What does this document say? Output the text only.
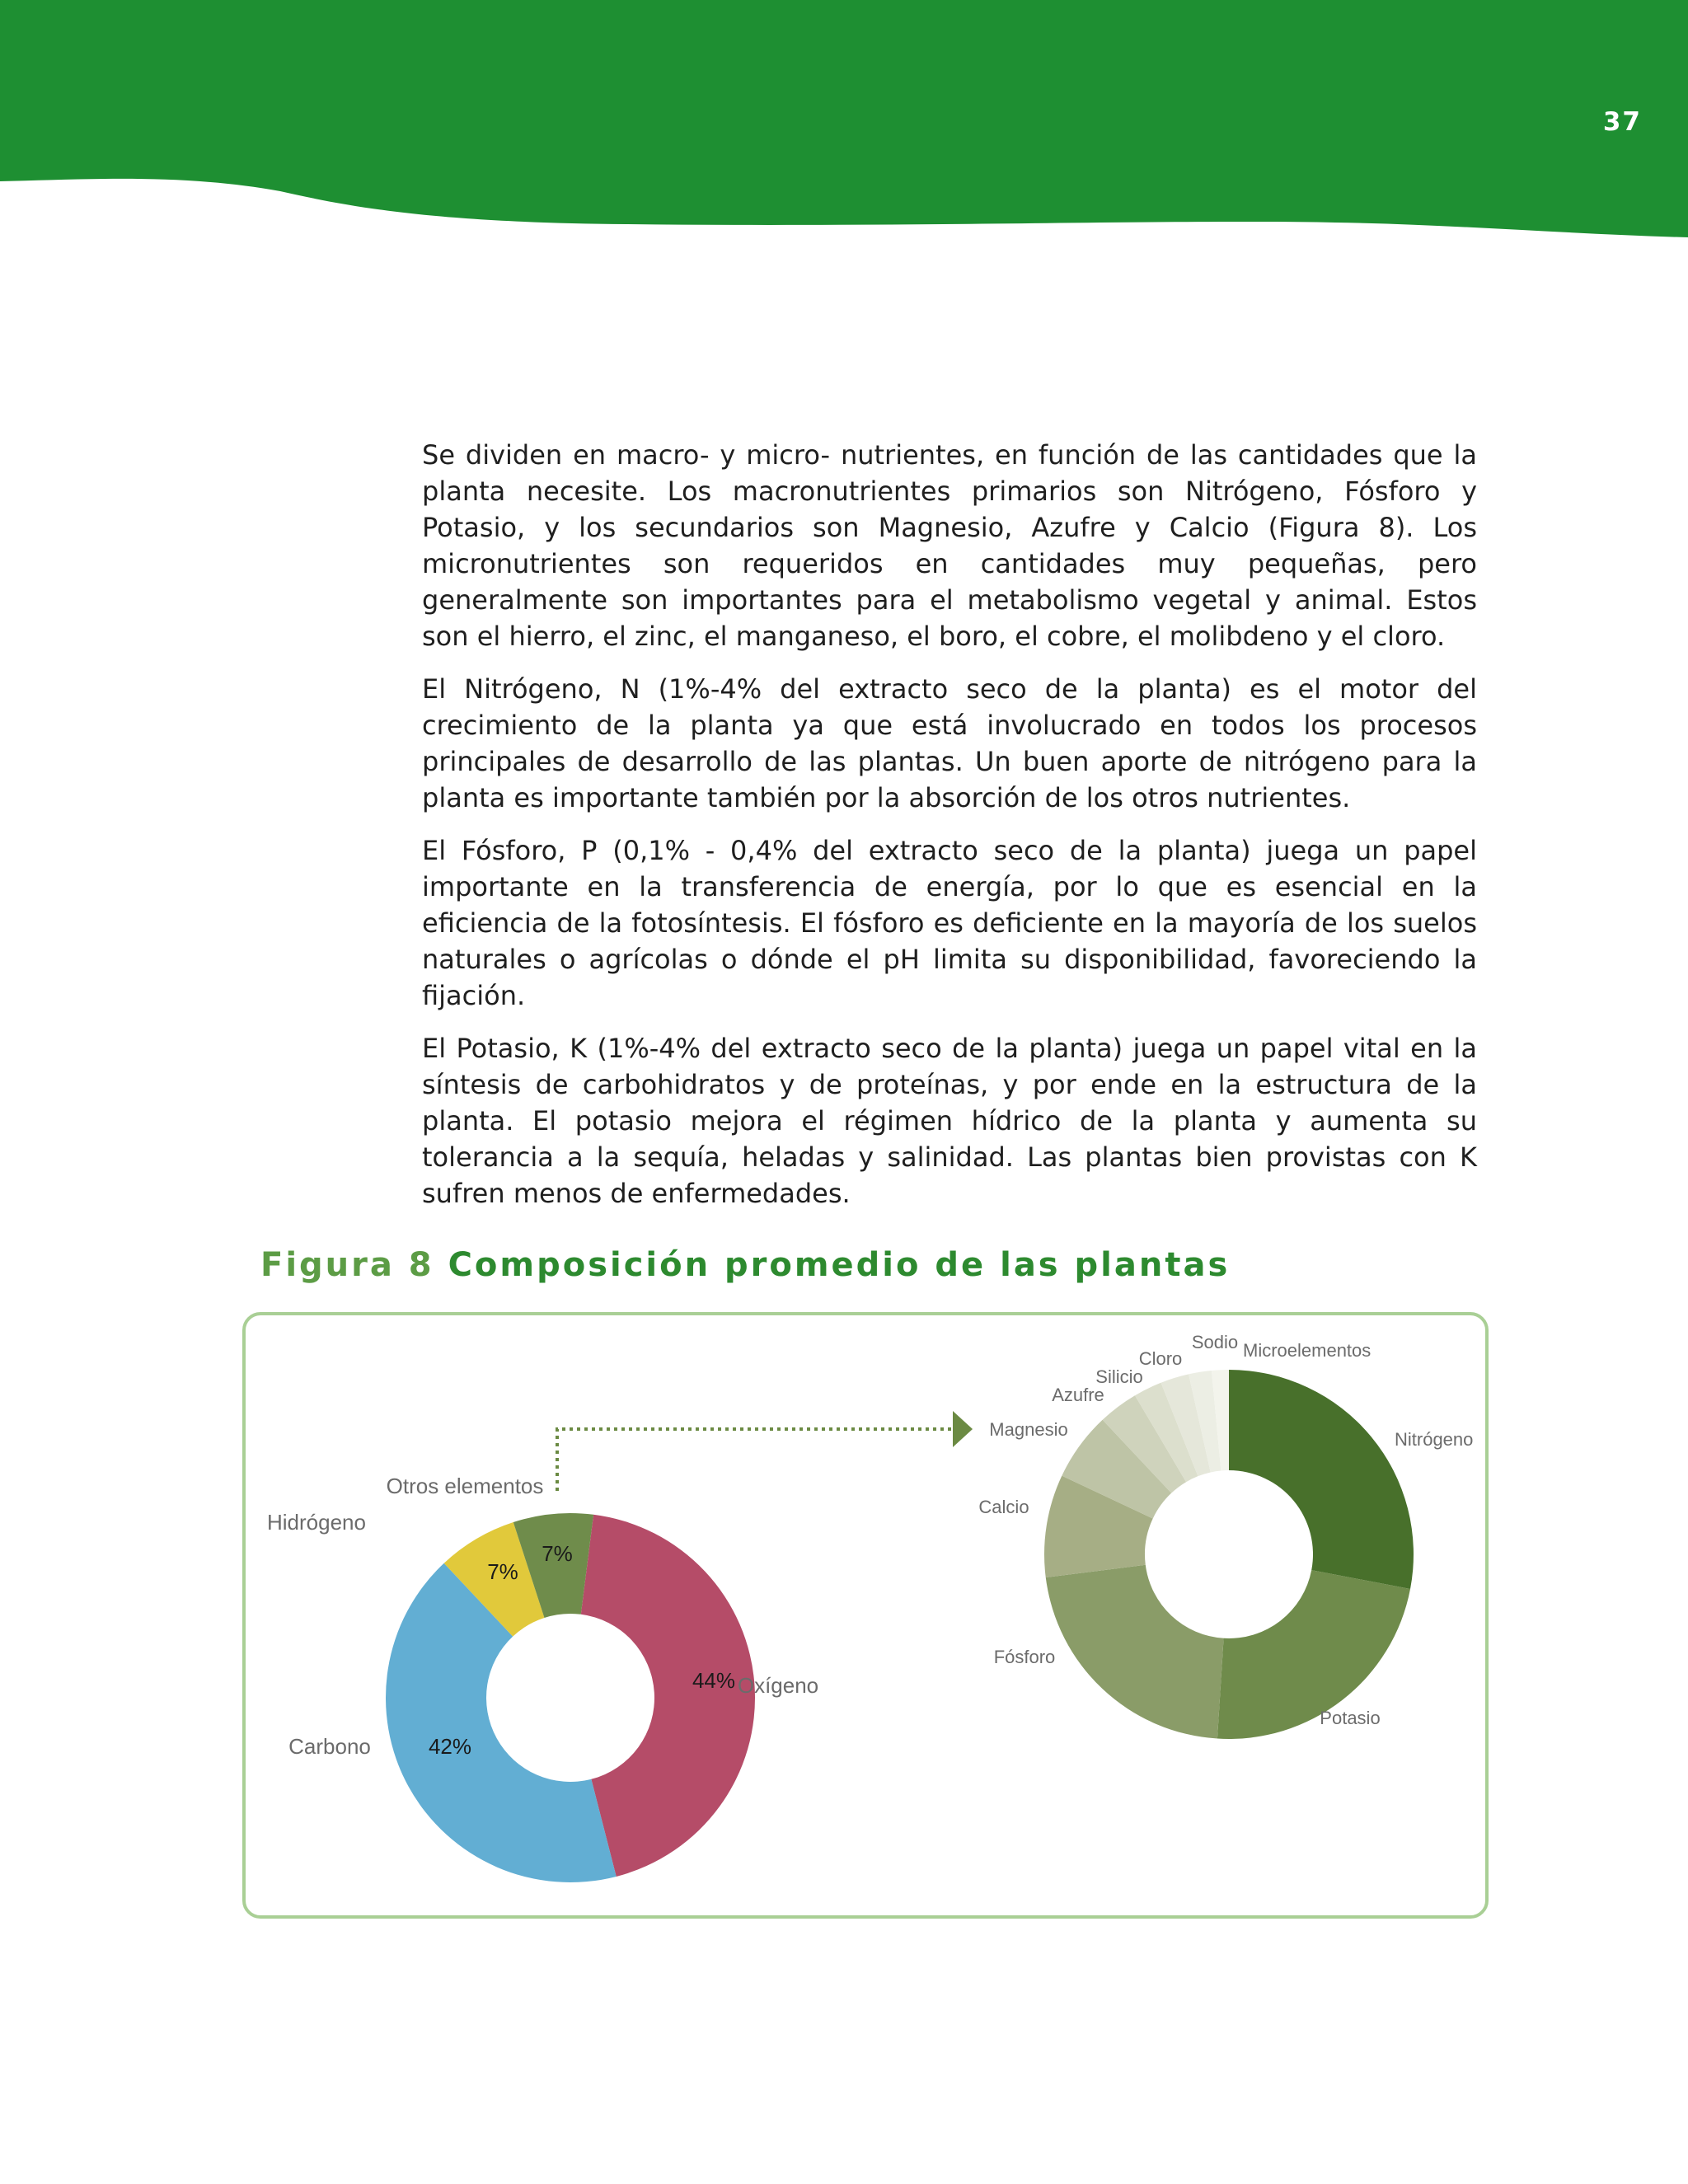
37

Se dividen en macro- y micro- nutrientes, en función de las cantidades que la planta necesite. Los macronutrientes primarios son Nitrógeno, Fósforo y Potasio, y los secundarios son Magnesio, Azufre y Calcio (Figura 8). Los micronutrientes son requeridos en cantidades muy pequeñas, pero generalmente son importantes para el metabolismo vegetal y animal. Estos son el hierro, el zinc, el manganeso, el boro, el cobre, el molibdeno y el cloro.

El Nitrógeno, N (1%-4% del extracto seco de la planta) es el motor del crecimiento de la planta ya que está involucrado en todos los procesos principales de desarrollo de las plantas. Un buen aporte de nitrógeno para la planta es importante también por la absorción de los otros nutrientes.

El Fósforo, P (0,1% - 0,4% del extracto seco de la planta) juega un papel importante en la transferencia de energía, por lo que es esencial en la eficiencia de la fotosíntesis. El fósforo es deficiente en la mayoría de los suelos naturales o agrícolas o dónde el pH limita su disponibilidad, favoreciendo la fijación.

El Potasio, K (1%-4% del extracto seco de la planta) juega un papel vital en la síntesis de carbohidratos y de proteínas, y por ende en la estructura de la planta. El potasio mejora el régimen hídrico de la planta y aumenta su tolerancia a la sequía, heladas y salinidad. Las plantas bien provistas con K sufren menos de enfermedades.

Figura 8 Composición promedio de las plantas
Oxígeno
44%
Carbono	42%
Hidrógeno
7%
Otros elementos
7%
Nitrógeno
Potasio
Fósforo
Calcio
Magnesio
Azufre
Silicio
Cloro
Sodio Microelementos
